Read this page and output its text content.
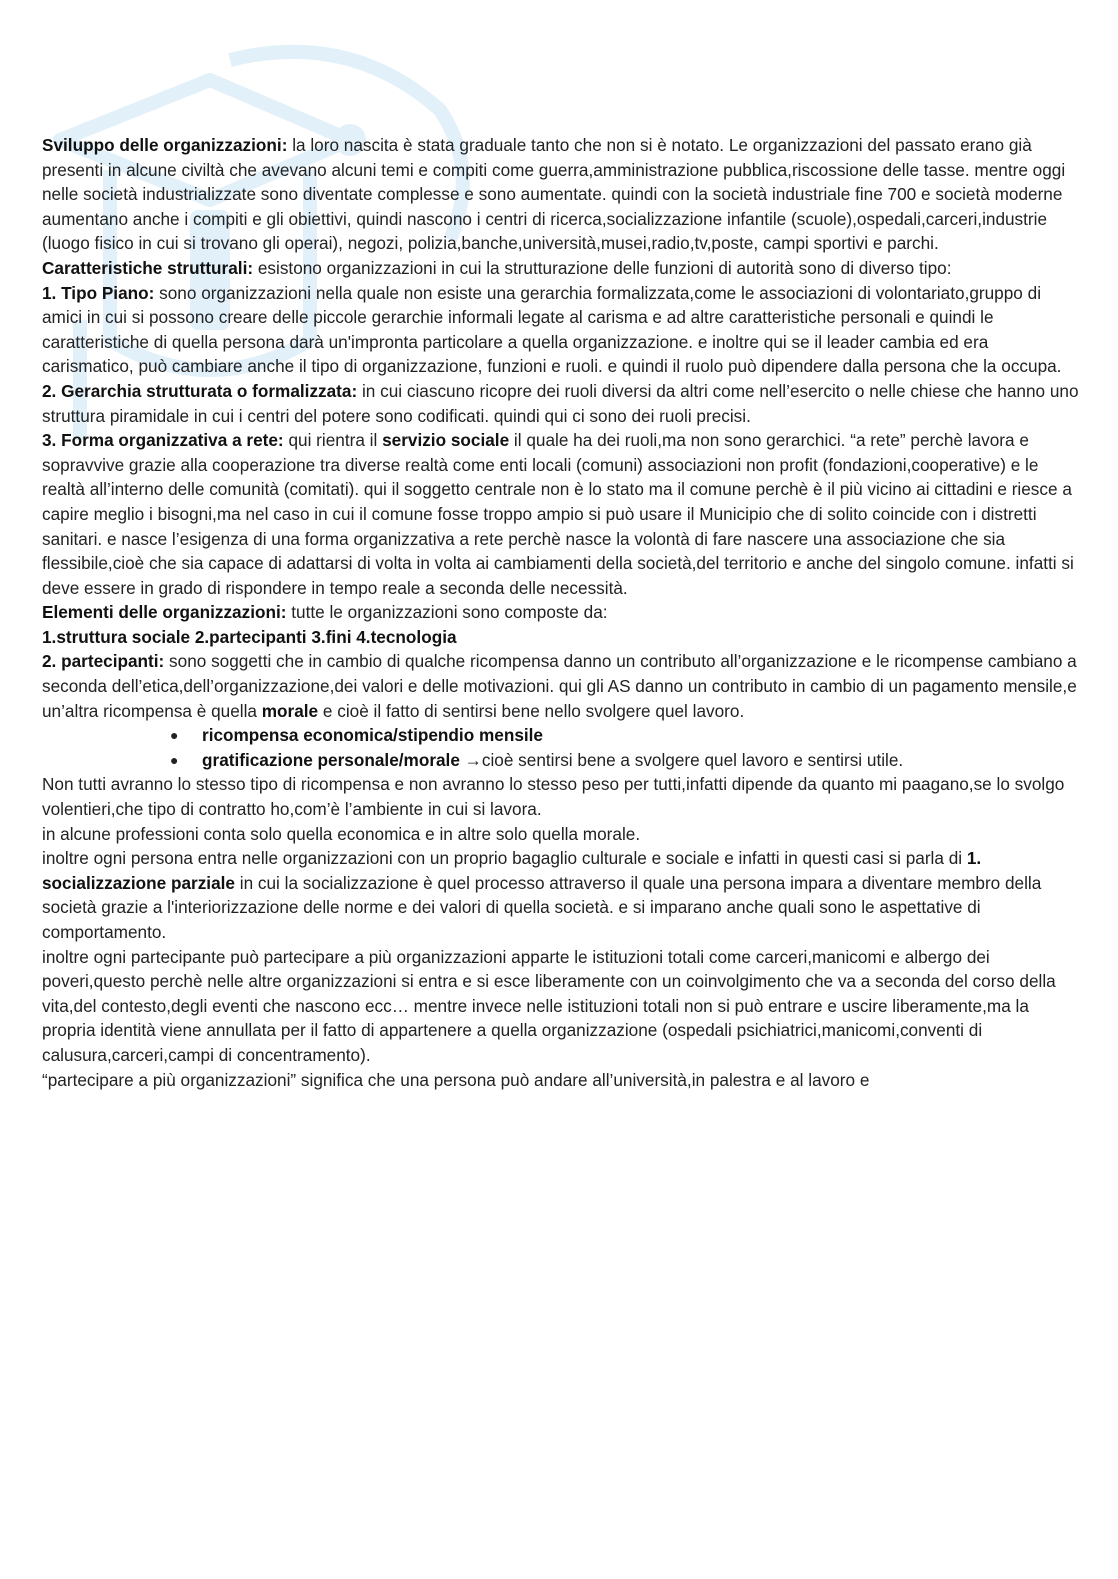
Sviluppo delle organizzazioni: la loro nascita è stata graduale tanto che non si è notato. Le organizzazioni del passato erano già presenti in alcune civiltà che avevano alcuni temi e compiti come guerra,amministrazione pubblica,riscossione delle tasse. mentre oggi nelle società industrializzate sono diventate complesse e sono aumentate. quindi con la società industriale fine 700 e società moderne aumentano anche i compiti e gli obiettivi, quindi nascono i centri di ricerca,socializzazione infantile (scuole),ospedali,carceri,industrie (luogo fisico in cui si trovano gli operai), negozi, polizia,banche,università,musei,radio,tv,poste, campi sportivi e parchi.

Caratteristiche strutturali: esistono organizzazioni in cui la strutturazione delle funzioni di autorità sono di diverso tipo:

1. Tipo Piano: sono organizzazioni nella quale non esiste una gerarchia formalizzata,come le associazioni di volontariato,gruppo di amici in cui si possono creare delle piccole gerarchie informali legate al carisma e ad altre caratteristiche personali e quindi le caratteristiche di quella persona darà un'impronta particolare a quella organizzazione. e inoltre qui se il leader cambia ed era carismatico, può cambiare anche il tipo di organizzazione, funzioni e ruoli. e quindi il ruolo può dipendere dalla persona che la occupa.

2. Gerarchia strutturata o formalizzata: in cui ciascuno ricopre dei ruoli diversi da altri come nell’esercito o nelle chiese che hanno uno struttura piramidale in cui i centri del potere sono codificati. quindi qui ci sono dei ruoli precisi.

3. Forma organizzativa a rete: qui rientra il servizio sociale il quale ha dei ruoli,ma non sono gerarchici. “a rete” perchè lavora e sopravvive grazie alla cooperazione tra diverse realtà come enti locali (comuni) associazioni non profit (fondazioni,cooperative) e le realtà all’interno delle comunità (comitati). qui il soggetto centrale non è lo stato ma il comune perchè è il più vicino ai cittadini e riesce a capire meglio i bisogni,ma nel caso in cui il comune fosse troppo ampio si può usare il Municipio che di solito coincide con i distretti sanitari. e nasce l’esigenza di una forma organizzativa a rete perchè nasce la volontà di fare nascere una associazione che sia flessibile,cioè che sia capace di adattarsi di volta in volta ai cambiamenti della società,del territorio e anche del singolo comune. infatti si deve essere in grado di rispondere in tempo reale a seconda delle necessità.

Elementi delle organizzazioni: tutte le organizzazioni sono composte da:

1.struttura sociale 2.partecipanti 3.fini 4.tecnologia

2. partecipanti: sono soggetti che in cambio di qualche ricompensa danno un contributo all’organizzazione e le ricompense cambiano a seconda dell’etica,dell’organizzazione,dei valori e delle motivazioni. qui gli AS danno un contributo in cambio di un pagamento mensile,e un’altra ricompensa è quella morale e cioè il fatto di sentirsi bene nello svolgere quel lavoro.

● ricompensa economica/stipendio mensile
● gratificazione personale/morale →cioè sentirsi bene a svolgere quel lavoro e sentirsi utile.

Non tutti avranno lo stesso tipo di ricompensa e non avranno lo stesso peso per tutti,infatti dipende da quanto mi paagano,se lo svolgo volentieri,che tipo di contratto ho,com’è l’ambiente in cui si lavora.

in alcune professioni conta solo quella economica e in altre solo quella morale.

inoltre ogni persona entra nelle organizzazioni con un proprio bagaglio culturale e sociale e infatti in questi casi si parla di 1. socializzazione parziale in cui la socializzazione è quel processo attraverso il quale una persona impara a diventare membro della società grazie a l'interiorizzazione delle norme e dei valori di quella società. e si imparano anche quali sono le aspettative di comportamento.

inoltre ogni partecipante può partecipare a più organizzazioni apparte le istituzioni totali come carceri,manicomi e albergo dei poveri,questo perchè nelle altre organizzazioni si entra e si esce liberamente con un coinvolgimento che va a seconda del corso della vita,del contesto,degli eventi che nascono ecc… mentre invece nelle istituzioni totali non si può entrare e uscire liberamente,ma la propria identità viene annullata per il fatto di appartenere a quella organizzazione (ospedali psichiatrici,manicomi,conventi di calusura,carceri,campi di concentramento).

“partecipare a più organizzazioni” significa che una persona può andare all’università,in palestra e al lavoro e
